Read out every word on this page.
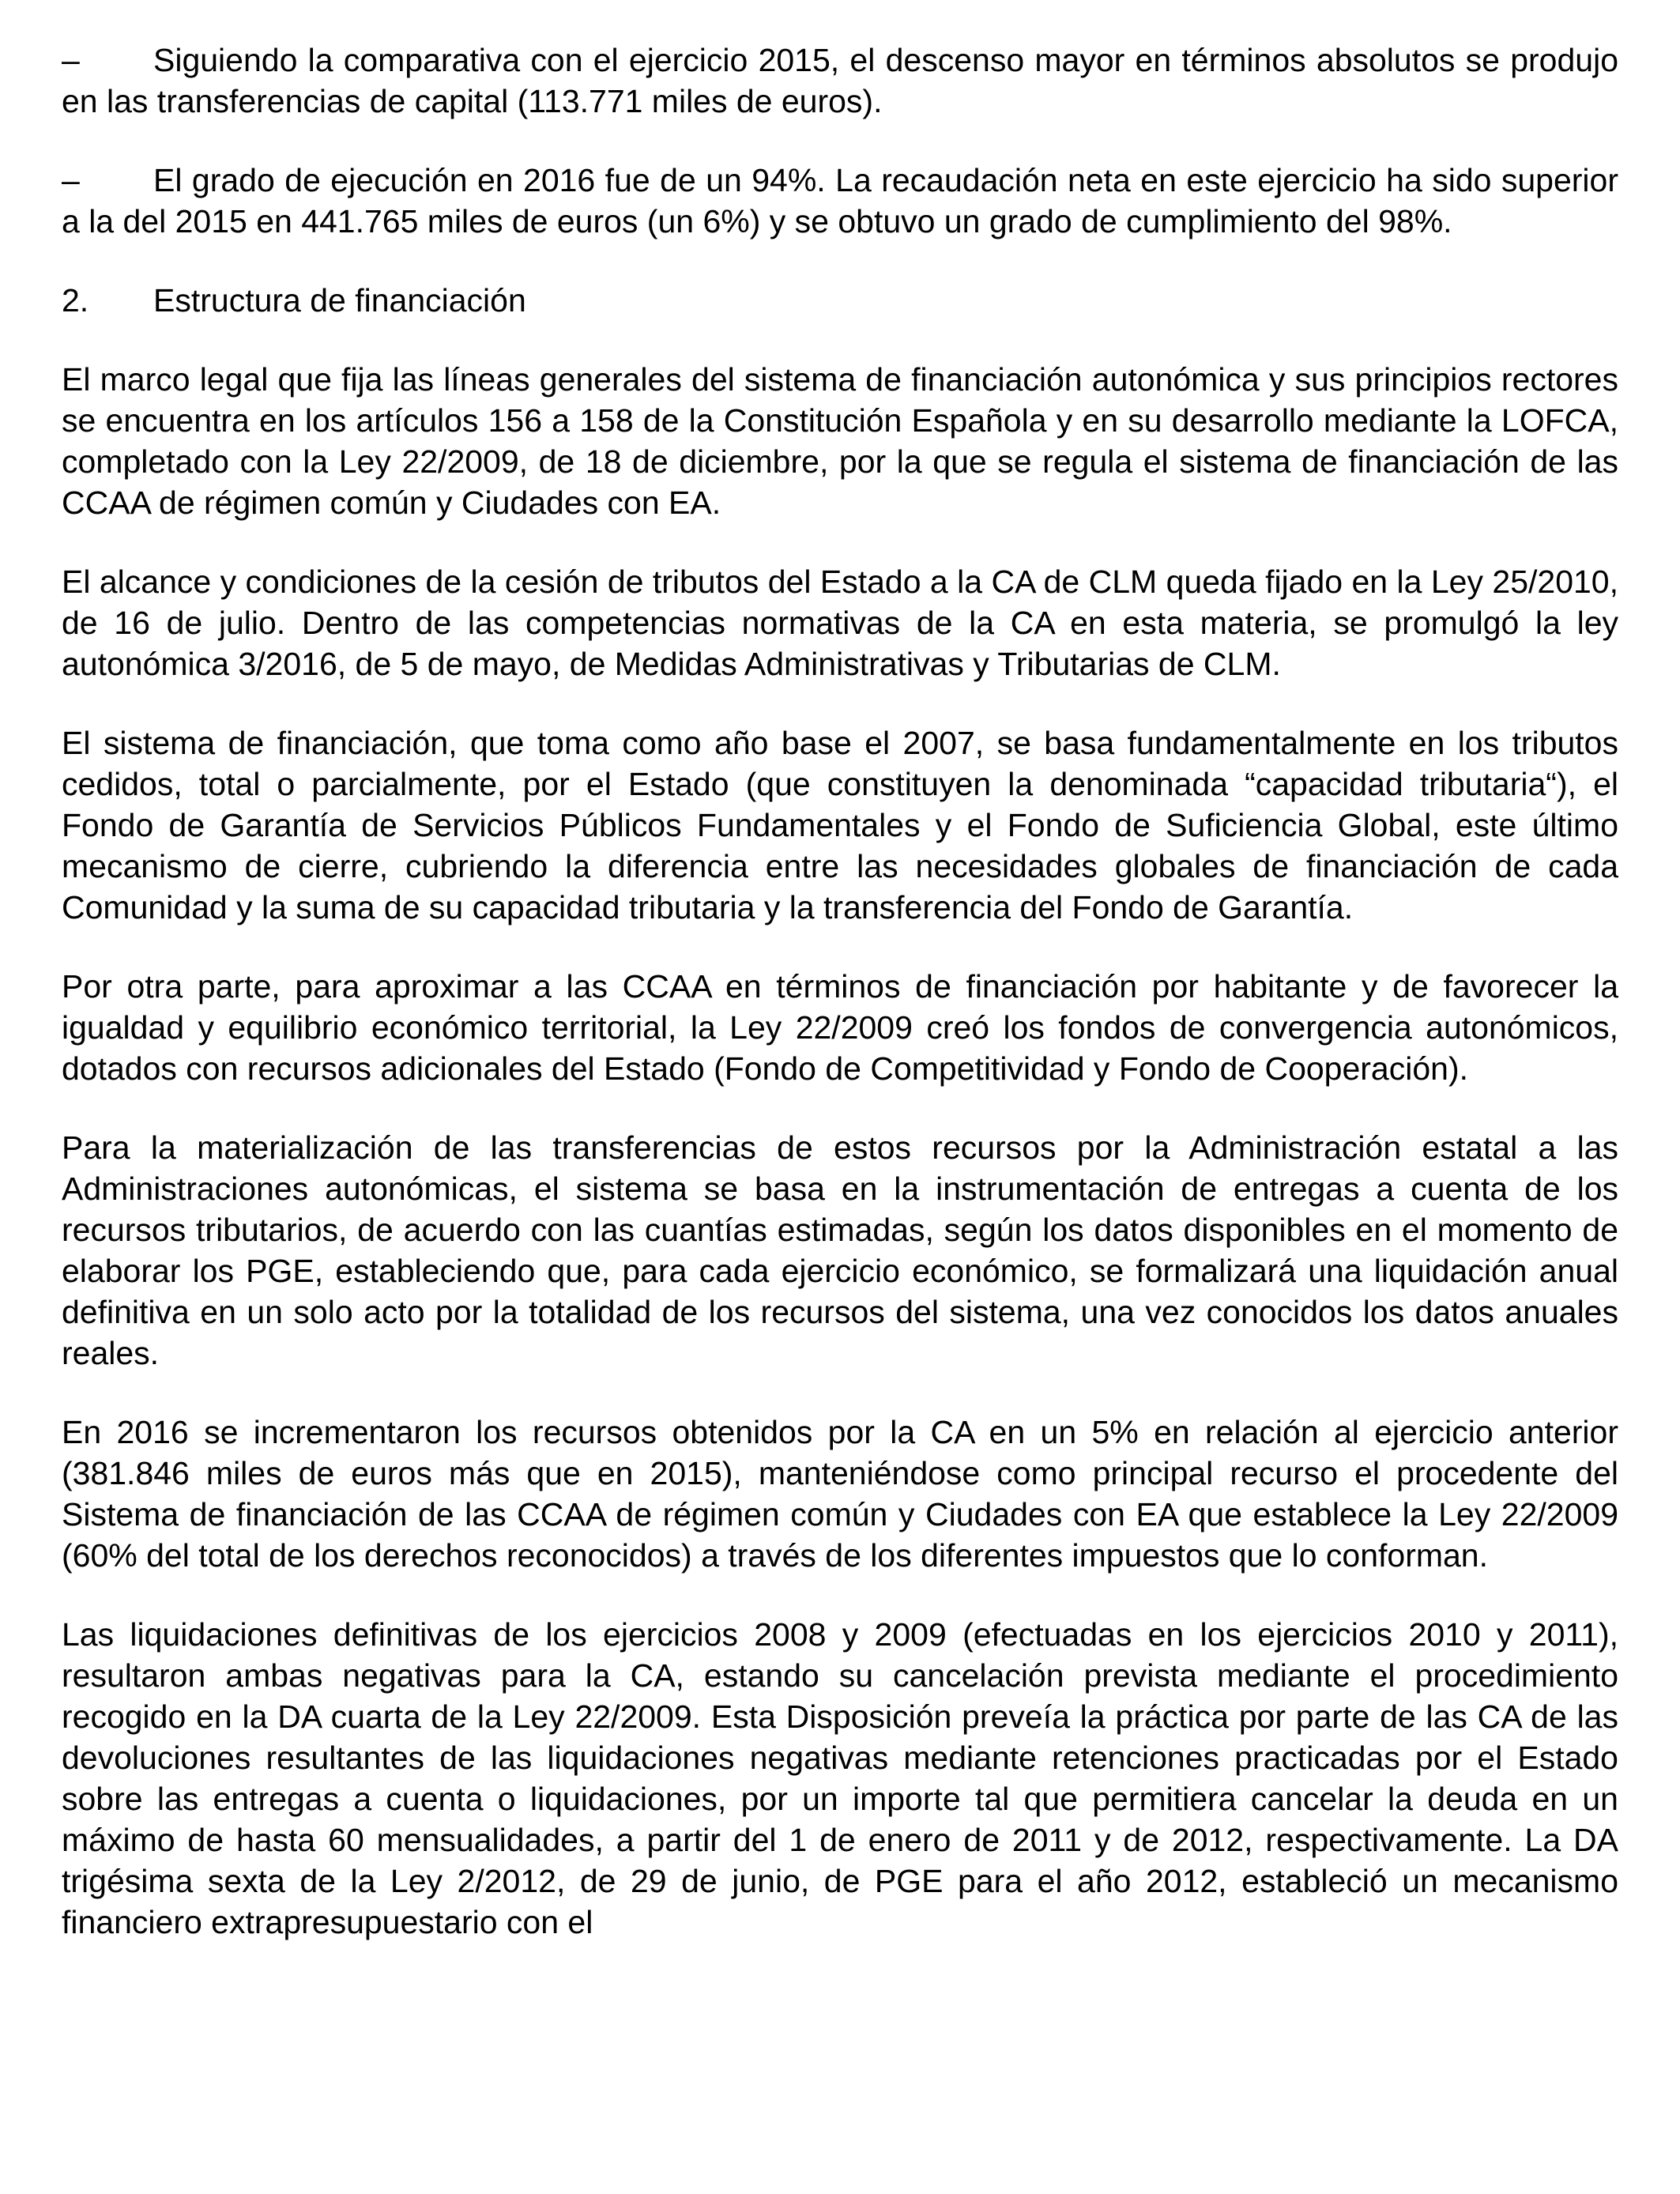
– Siguiendo la comparativa con el ejercicio 2015, el descenso mayor en términos absolutos se produjo en las transferencias de capital (113.771 miles de euros).

– El grado de ejecución en 2016 fue de un 94%. La recaudación neta en este ejercicio ha sido superior a la del 2015 en 441.765 miles de euros (un 6%) y se obtuvo un grado de cumplimiento del 98%.

2. Estructura de financiación

El marco legal que fija las líneas generales del sistema de financiación autonómica y sus principios rectores se encuentra en los artículos 156 a 158 de la Constitución Española y en su desarrollo mediante la LOFCA, completado con la Ley 22/2009, de 18 de diciembre, por la que se regula el sistema de financiación de las CCAA de régimen común y Ciudades con EA.

El alcance y condiciones de la cesión de tributos del Estado a la CA de CLM queda fijado en la Ley 25/2010, de 16 de julio. Dentro de las competencias normativas de la CA en esta materia, se promulgó la ley autonómica 3/2016, de 5 de mayo, de Medidas Administrativas y Tributarias de CLM.

El sistema de financiación, que toma como año base el 2007, se basa fundamentalmente en los tributos cedidos, total o parcialmente, por el Estado (que constituyen la denominada “capacidad tributaria“), el Fondo de Garantía de Servicios Públicos Fundamentales y el Fondo de Suficiencia Global, este último mecanismo de cierre, cubriendo la diferencia entre las necesidades globales de financiación de cada Comunidad y la suma de su capacidad tributaria y la transferencia del Fondo de Garantía.

Por otra parte, para aproximar a las CCAA en términos de financiación por habitante y de favorecer la igualdad y equilibrio económico territorial, la Ley 22/2009 creó los fondos de convergencia autonómicos, dotados con recursos adicionales del Estado (Fondo de Competitividad y Fondo de Cooperación).

Para la materialización de las transferencias de estos recursos por la Administración estatal a las Administraciones autonómicas, el sistema se basa en la instrumentación de entregas a cuenta de los recursos tributarios, de acuerdo con las cuantías estimadas, según los datos disponibles en el momento de elaborar los PGE, estableciendo que, para cada ejercicio económico, se formalizará una liquidación anual definitiva en un solo acto por la totalidad de los recursos del sistema, una vez conocidos los datos anuales reales.

En 2016 se incrementaron los recursos obtenidos por la CA en un 5% en relación al ejercicio anterior (381.846 miles de euros más que en 2015), manteniéndose como principal recurso el procedente del Sistema de financiación de las CCAA de régimen común y Ciudades con EA que establece la Ley 22/2009 (60% del total de los derechos reconocidos) a través de los diferentes impuestos que lo conforman.

Las liquidaciones definitivas de los ejercicios 2008 y 2009 (efectuadas en los ejercicios 2010 y 2011), resultaron ambas negativas para la CA, estando su cancelación prevista mediante el procedimiento recogido en la DA cuarta de la Ley 22/2009. Esta Disposición preveía la práctica por parte de las CA de las devoluciones resultantes de las liquidaciones negativas mediante retenciones practicadas por el Estado sobre las entregas a cuenta o liquidaciones, por un importe tal que permitiera cancelar la deuda en un máximo de hasta 60 mensualidades, a partir del 1 de enero de 2011 y de 2012, respectivamente. La DA trigésima sexta de la Ley 2/2012, de 29 de junio, de PGE para el año 2012, estableció un mecanismo financiero extrapresupuestario con el
